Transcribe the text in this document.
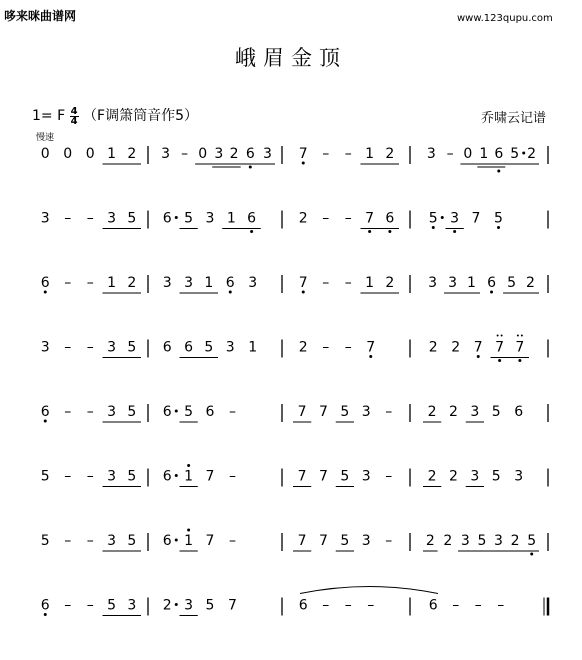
哆来咪曲谱网	www.123qupu.com
峨眉金顶
1= F $\frac{4}{4} (F$调箫筒音作5）	乔啸云记谱
慢速
0 0 0 1 2 3 – 0 3 2 6 3 7 – – 1 2 3 – 0 1 6 5 2
3 – – 3 5 6 5 3 1 6	2 – – 7 6 5 3 7 5
6 – – 1 2 3 3 1 6 3	7 – – 1 2 3 3 1 6 5 2
3 – – 3 5 6 6 5 3 1	2 – – 7	2 2 7 7 7
6 – – 3 5 6 5 6 –	7 7 5 3 –	2 2 3 5 6
5 – – 3 5 6 1 7 –	7 7 5 3 –	2 2 3 5 3
5 – – 3 5 6 1 7 –	7 7 5 3 – 2 2 3 5 3 2 5
6 – – 5 3 2 3 5 7	6 – – –	6 – – –
